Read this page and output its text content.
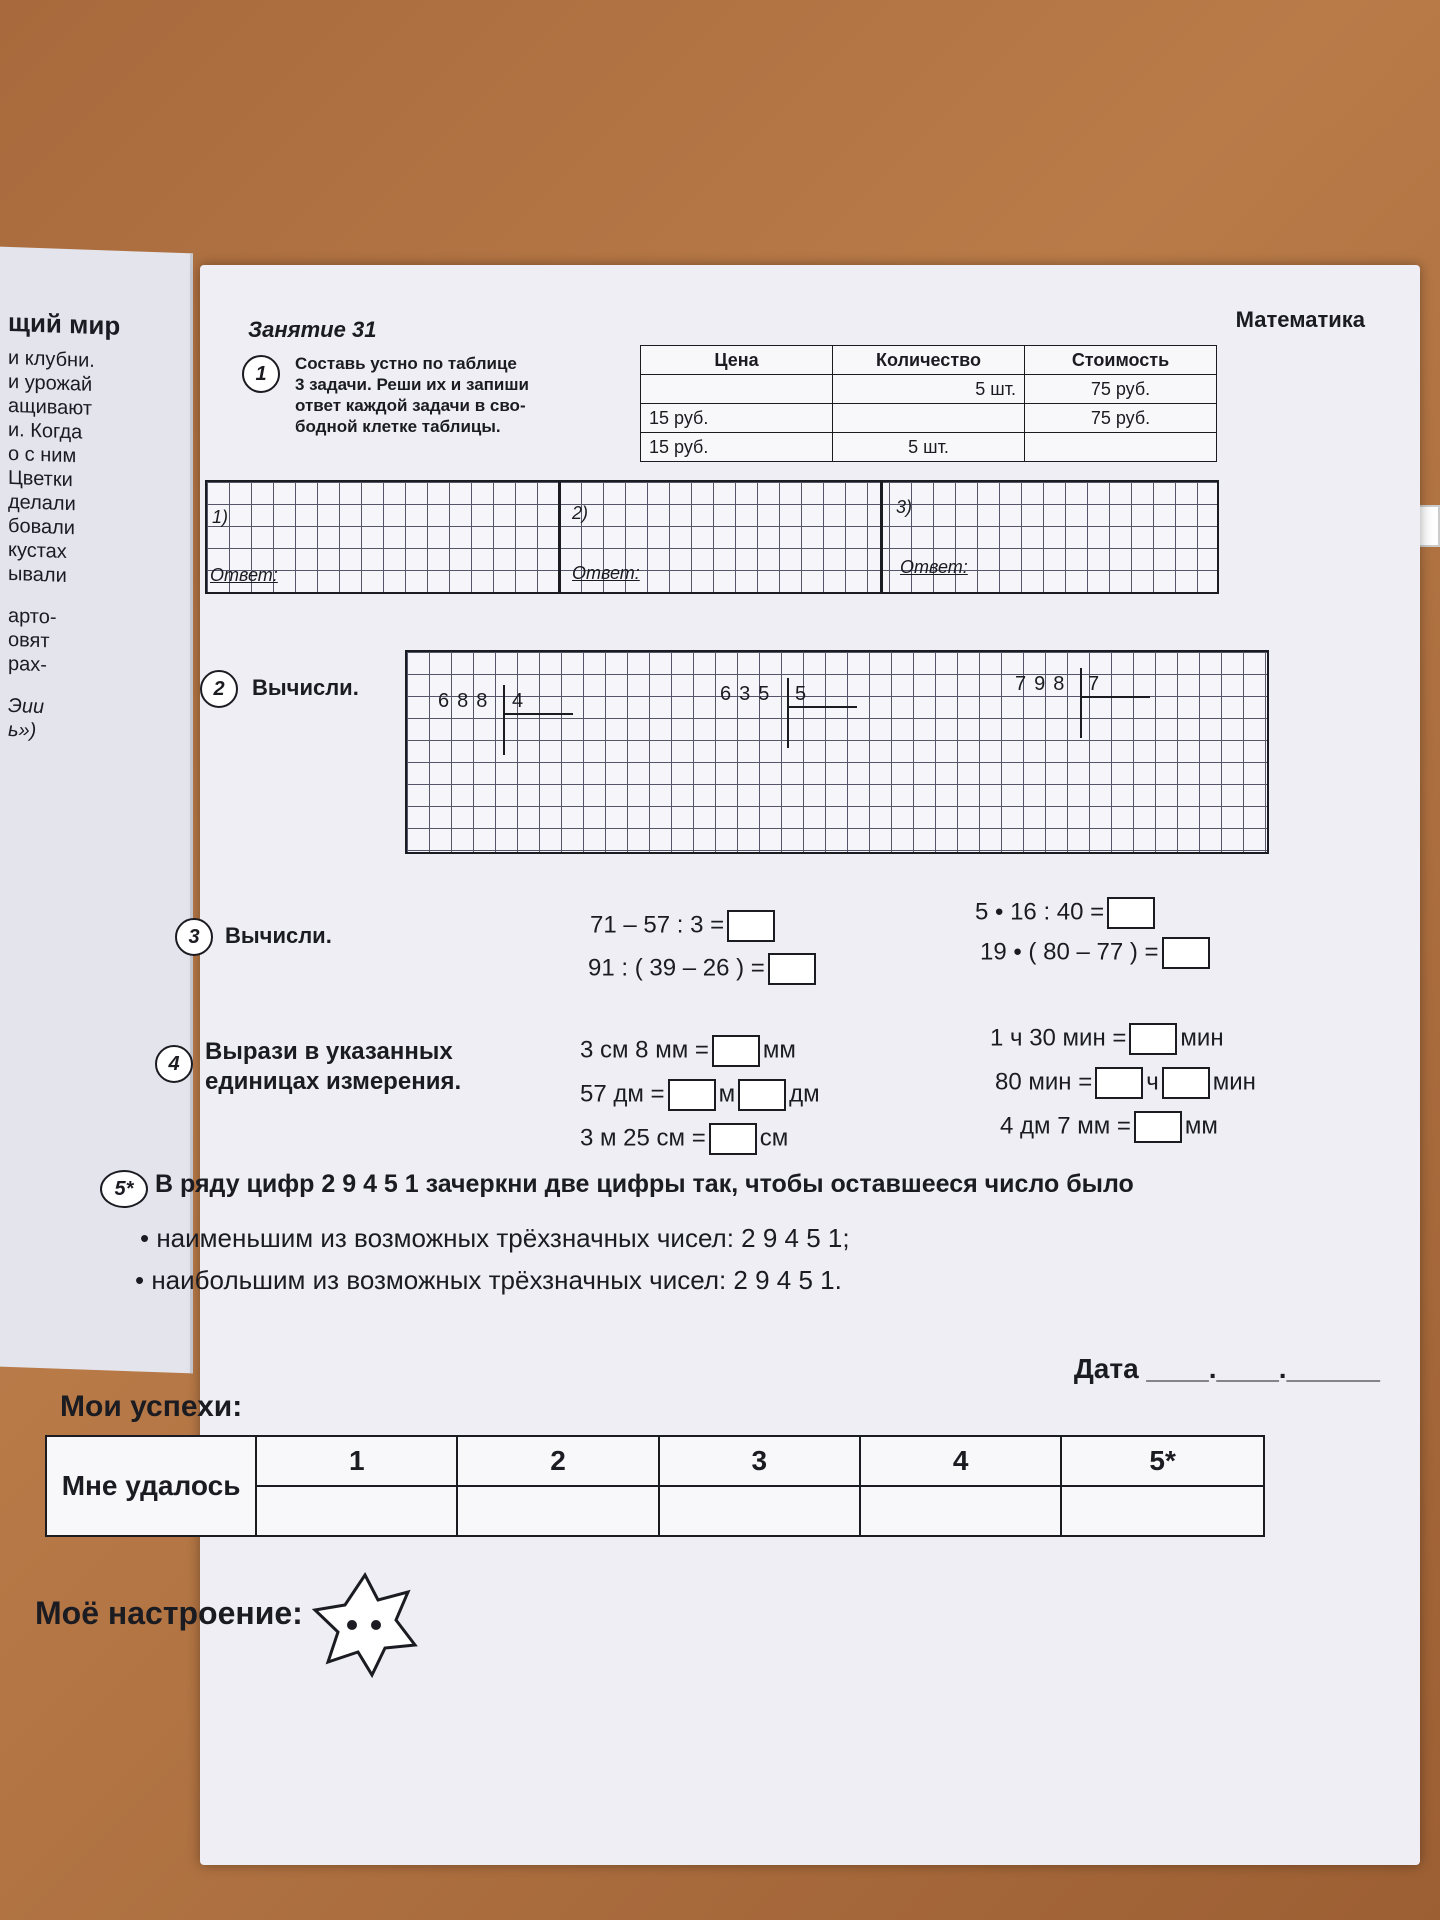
щий мир
и клубни.
и урожай
ащивают
и. Когда
о с ним
Цветки
делали
бовали
кустах
ывали
арто-
овят
рах-
Эии
ь»)
Занятие 31	Математика
1	Составь устно по таблице
3 задачи. Реши их и запиши
ответ каждой задачи в сво-
бодной клетке таблицы.
Цена	Количество	Стоимость
	5 шт.	75 руб.
15 руб.		75 руб.
15 руб.	5 шт.	
1)	2)	3)
Ответ:	Ответ:	Ответ:
2	Вычисли.
688 4	635 5	798 7
3	Вычисли.	71 – 57 : 3 =
91 : ( 39 – 26 ) =
5 • 16 : 40 =
19 • ( 80 – 77 ) =
4	Вырази в указанных
единицах измерения.
3 см 8 мм = мм
57 дм = м дм
3 м 25 см = см
1 ч 30 мин = мин
80 мин = ч мин
4 дм 7 мм = мм
5* В ряду цифр 2 9 4 5 1 зачеркни две цифры так, чтобы оставшееся число было
• наименьшим из возможных трёхзначных чисел: 2 9 4 5 1;
• наибольшим из возможных трёхзначных чисел: 2 9 4 5 1.
Дата ____.____.______
Мои успехи:
Мне удалось	1	2	3	4	5*

Моё настроение:
